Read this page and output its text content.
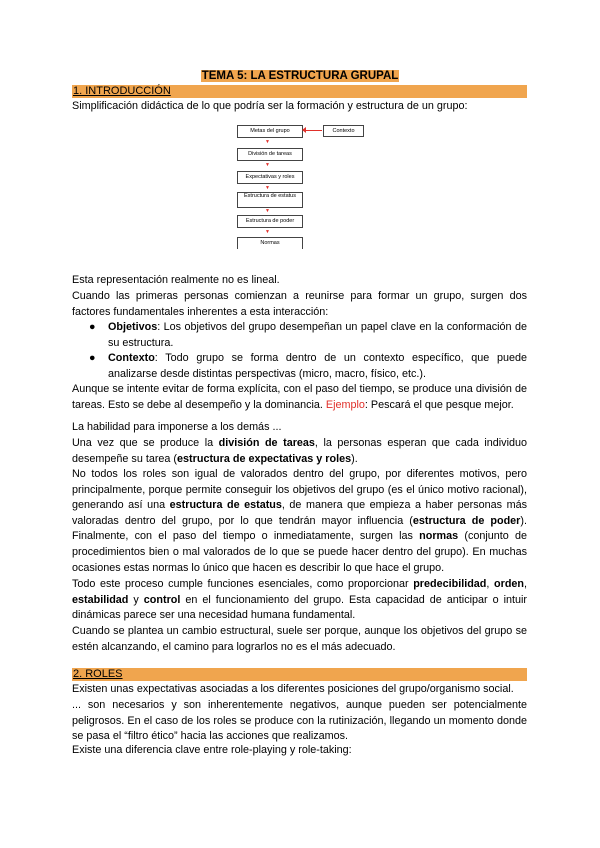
TEMA 5: LA ESTRUCTURA GRUPAL
1. INTRODUCCIÓN
Simplificación didáctica de lo que podría ser la formación y estructura de un grupo:
Metas del grupo	Contexto
▼
División de tareas
▼
Expectativas y roles
▼
Estructura de estatus
▼
Estructura de poder
▼
Normas
Esta representación realmente no es lineal.
Cuando las primeras personas comienzan a reunirse para formar un grupo, surgen dos factores fundamentales inherentes a esta interacción:
● Objetivos: Los objetivos del grupo desempeñan un papel clave en la conformación de su estructura.
● Contexto: Todo grupo se forma dentro de un contexto específico, que puede analizarse desde distintas perspectivas (micro, macro, físico, etc.).
Aunque se intente evitar de forma explícita, con el paso del tiempo, se produce una división de tareas. Esto se debe al desempeño y la dominancia. Ejemplo: Pescará el que pesque mejor.
La habilidad para imponerse a los demás ...
Una vez que se produce la división de tareas, la personas esperan que cada individuo desempeñe su tarea (estructura de expectativas y roles).
No todos los roles son igual de valorados dentro del grupo, por diferentes motivos, pero principalmente, porque permite conseguir los objetivos del grupo (es el único motivo racional), generando así una estructura de estatus, de manera que empieza a haber personas más valoradas dentro del grupo, por lo que tendrán mayor influencia (estructura de poder). Finalmente, con el paso del tiempo o inmediatamente, surgen las normas (conjunto de procedimientos bien o mal valorados de lo que se puede hacer dentro del grupo). En muchas ocasiones estas normas lo único que hacen es describir lo que hace el grupo.
Todo este proceso cumple funciones esenciales, como proporcionar predecibilidad, orden, estabilidad y control en el funcionamiento del grupo. Esta capacidad de anticipar o intuir dinámicas parece ser una necesidad humana fundamental.
Cuando se plantea un cambio estructural, suele ser porque, aunque los objetivos del grupo se estén alcanzando, el camino para lograrlos no es el más adecuado.
2. ROLES
Existen unas expectativas asociadas a los diferentes posiciones del grupo/organismo social.
... son necesarios y son inherentemente negativos, aunque pueden ser potencialmente peligrosos. En el caso de los roles se produce con la rutinización, llegando un momento donde se pasa el “filtro ético” hacia las acciones que realizamos.
Existe una diferencia clave entre role-playing y role-taking:
